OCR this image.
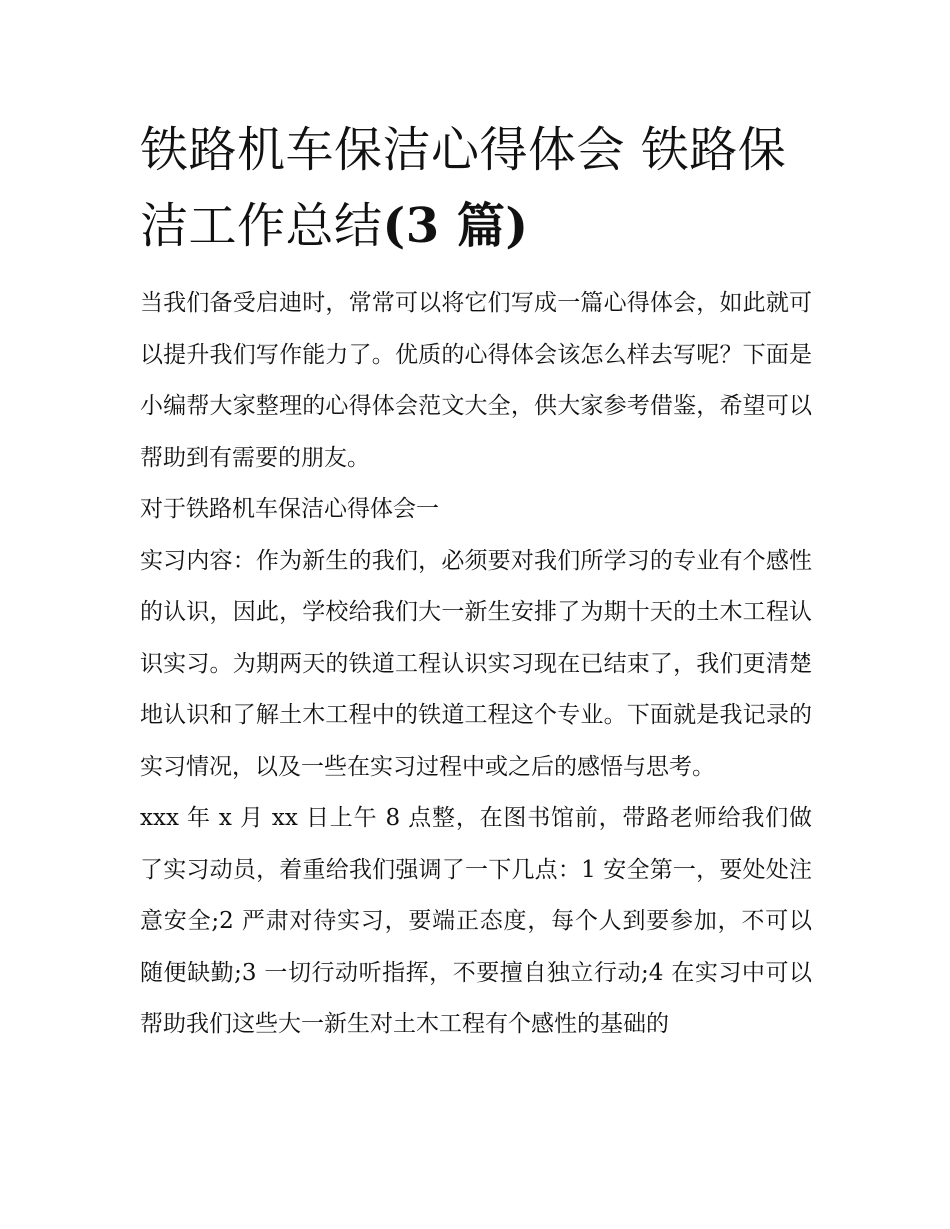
铁路机车保洁心得体会 铁路保洁工作总结(3 篇)

当我们备受启迪时，常常可以将它们写成一篇心得体会，如此就可以提升我们写作能力了。优质的心得体会该怎么样去写呢？下面是小编帮大家整理的心得体会范文大全，供大家参考借鉴，希望可以帮助到有需要的朋友。

对于铁路机车保洁心得体会一

实习内容：作为新生的我们，必须要对我们所学习的专业有个感性的认识，因此，学校给我们大一新生安排了为期十天的土木工程认识实习。为期两天的铁道工程认识实习现在已结束了，我们更清楚地认识和了解土木工程中的铁道工程这个专业。下面就是我记录的实习情况，以及一些在实习过程中或之后的感悟与思考。

xxx 年 x 月 xx 日上午 8 点整，在图书馆前，带路老师给我们做了实习动员，着重给我们强调了一下几点：1 安全第一，要处处注意安全;2 严肃对待实习，要端正态度，每个人到要参加，不可以随便缺勤;3 一切行动听指挥，不要擅自独立行动;4 在实习中可以帮助我们这些大一新生对土木工程有个感性的基础的
